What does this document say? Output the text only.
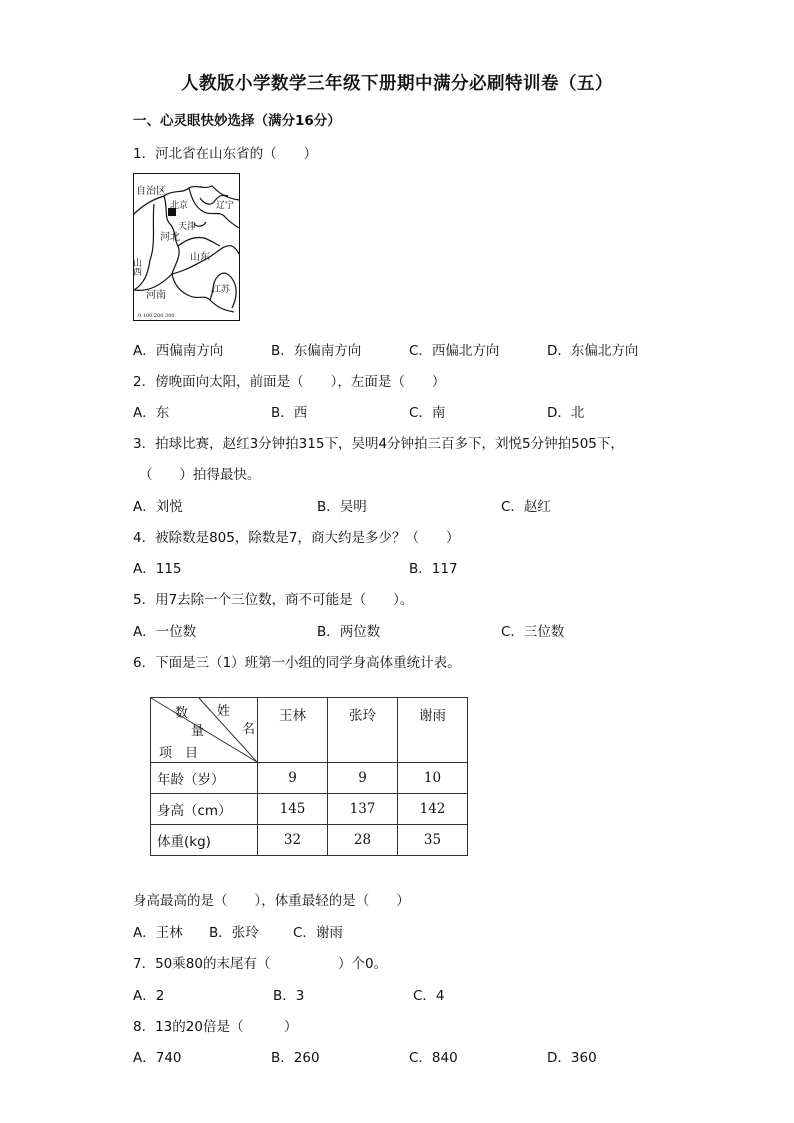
人教版小学数学三年级下册期中满分必刷特训卷（五）
一、心灵眼快妙选择（满分16分）
1．河北省在山东省的（　　）
自治区
北京	辽宁
天津
河北
山东
山西
河南	江苏
0 100 200 300
A．西偏南方向	B．东偏南方向	C．西偏北方向	D．东偏北方向
2．傍晚面向太阳，前面是（　　），左面是（　　）
A．东	B．西	C．南	D．北
3．拍球比赛，赵红3分钟拍315下，吴明4分钟拍三百多下，刘悦5分钟拍505下，
（　　）拍得最快。
A．刘悦	B．吴明	C．赵红
4．被除数是805，除数是7，商大约是多少？（　　）
A．115	B．117
5．用7去除一个三位数，商不可能是（　　）。
A．一位数	B．两位数	C．三位数
6．下面是三（1）班第一小组的同学身高体重统计表。
数 姓
量 名
项　目	王林	张玲	谢雨
年龄（岁）	9	9	10
身高（cm）	145	137	142
体重(kg)	32	28	35
身高最高的是（　　），体重最轻的是（　　）
A．王林 B．张玲	C．谢雨
7．50乘80的末尾有（　　　　　）个0。
A．2	B．3	C．4
8．13的20倍是（　　　）
A．740	B．260	C．840	D．360
